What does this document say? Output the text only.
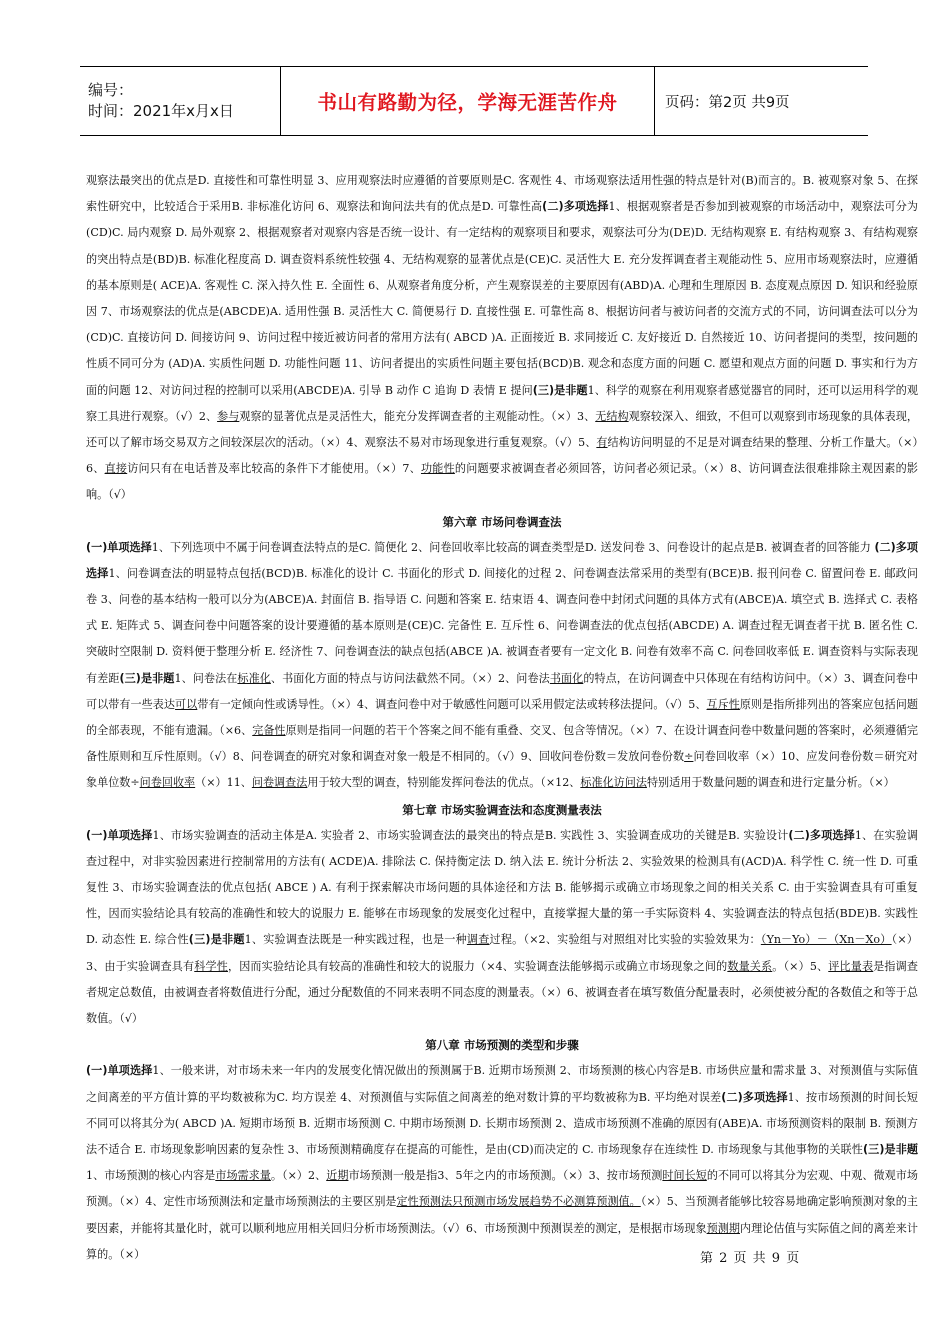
编号：
时间：2021年x月x日	书山有路勤为径，学海无涯苦作舟	页码：第2页 共9页

观察法最突出的优点是D. 直接性和可靠性明显 3、应用观察法时应遵循的首要原则是C. 客观性 4、市场观察法适用性强的特点是针对(B)而言的。B. 被观察对象 5、在探索性研究中，比较适合于采用B. 非标准化访问 6、观察法和询问法共有的优点是D. 可靠性高(二)多项选择1、根据观察者是否参加到被观察的市场活动中，观察法可分为(CD)C. 局内观察 D. 局外观察 2、根据观察者对观察内容是否统一设计、有一定结构的观察项目和要求，观察法可分为(DE)D. 无结构观察 E. 有结构观察 3、有结构观察的突出特点是(BD)B. 标准化程度高 D. 调查资料系统性较强 4、无结构观察的显著优点是(CE)C. 灵活性大 E. 充分发挥调查者主观能动性 5、应用市场观察法时，应遵循的基本原则是( ACE)A. 客观性 C. 深入持久性 E. 全面性 6、从观察者角度分析，产生观察误差的主要原因有(ABD)A. 心理和生理原因 B. 态度观点原因 D. 知识和经验原因 7、市场观察法的优点是(ABCDE)A. 适用性强 B. 灵活性大 C. 简便易行 D. 直接性强 E. 可靠性高 8、根据访问者与被访问者的交流方式的不同，访问调查法可以分为(CD)C. 直接访问 D. 间接访问 9、访问过程中接近被访问者的常用方法有( ABCD )A. 正面接近 B. 求同接近 C. 友好接近 D. 自然接近 10、访问者提问的类型，按问题的性质不同可分为 (AD)A. 实质性问题 D. 功能性问题 11、访问者提出的实质性问题主要包括(BCD)B. 观念和态度方面的问题 C. 愿望和观点方面的问题 D. 事实和行为方面的问题 12、对访问过程的控制可以采用(ABCDE)A. 引导 B 动作 C 追询 D 表情 E 提问(三)是非题1、科学的观察在利用观察者感觉器官的同时，还可以运用科学的观察工具进行观察。（√）2、参与观察的显著优点是灵活性大，能充分发挥调查者的主观能动性。（×）3、无结构观察较深入、细致，不但可以观察到市场现象的具体表现，还可以了解市场交易双方之间较深层次的活动。（×）4、观察法不易对市场现象进行重复观察。（√）5、有结构访问明显的不足是对调查结果的整理、分析工作量大。（×）6、直接访问只有在电话普及率比较高的条件下才能使用。（×）7、功能性的问题要求被调查者必须回答，访问者必须记录。（×）8、访问调查法很难排除主观因素的影响。（√）

第六章 市场问卷调查法

(一)单项选择1、下列选项中不属于问卷调查法特点的是C. 简便化 2、问卷回收率比较高的调查类型是D. 送发问卷 3、问卷设计的起点是B. 被调查者的回答能力 (二)多项选择1、问卷调查法的明显特点包括(BCD)B. 标准化的设计 C. 书面化的形式 D. 间接化的过程 2、问卷调查法常采用的类型有(BCE)B. 报刊问卷 C. 留置问卷 E. 邮政问卷 3、问卷的基本结构一般可以分为(ABCE)A. 封面信 B. 指导语 C. 问题和答案 E. 结束语 4、调查问卷中封闭式问题的具体方式有(ABCE)A. 填空式 B. 选择式 C. 表格式 E. 矩阵式 5、调查问卷中问题答案的设计要遵循的基本原则是(CE)C. 完备性 E. 互斥性 6、问卷调查法的优点包括(ABCDE) A. 调查过程无调查者干扰 B. 匿名性 C. 突破时空限制 D. 资料便于整理分析 E. 经济性 7、问卷调查法的缺点包括(ABCE )A. 被调查者要有一定文化 B. 问卷有效率不高 C. 问卷回收率低 E. 调查资料与实际表现有差距(三)是非题1、问卷法在标准化、书面化方面的特点与访问法截然不同。（×）2、问卷法书面化的特点，在访问调查中只体现在有结构访问中。（×）3、调查问卷中可以带有一些表达可以带有一定倾向性或诱导性。（×）4、调查问卷中对于敏感性问题可以采用假定法或转移法提问。（√）5、互斥性原则是指所排列出的答案应包括问题的全部表现，不能有遗漏。（×6、完备性原则是指同一问题的若干个答案之间不能有重叠、交叉、包含等情况。（×）7、在设计调查问卷中数量问题的答案时，必须遵循完备性原则和互斥性原则。（√）8、问卷调查的研究对象和调查对象一般是不相同的。（√）9、回收问卷份数＝发放问卷份数÷问卷回收率（×）10、应发问卷份数＝研究对象单位数÷问卷回收率（×）11、问卷调查法用于较大型的调查，特别能发挥问卷法的优点。（×12、标准化访问法特别适用于数量问题的调查和进行定量分析。（×）

第七章 市场实验调查法和态度测量表法

(一)单项选择1、市场实验调查的活动主体是A. 实验者 2、市场实验调查法的最突出的特点是B. 实践性 3、实验调查成功的关键是B. 实验设计(二)多项选择1、在实验调查过程中，对非实验因素进行控制常用的方法有( ACDE)A. 排除法 C. 保持衡定法 D. 纳入法 E. 统计分析法 2、实验效果的检测具有(ACD)A. 科学性 C. 统一性 D. 可重复性 3、市场实验调查法的优点包括( ABCE ) A. 有利于探索解决市场问题的具体途径和方法 B. 能够揭示或确立市场现象之间的相关关系 C. 由于实验调查具有可重复性，因而实验结论具有较高的准确性和较大的说服力 E. 能够在市场现象的发展变化过程中，直接掌握大量的第一手实际资料 4、实验调查法的特点包括(BDE)B. 实践性 D. 动态性 E. 综合性(三)是非题1、实验调查法既是一种实践过程，也是一种调查过程。（×2、实验组与对照组对比实验的实验效果为：（Yn－Yo）－（Xn－Xo）（×）3、由于实验调查具有科学性，因而实验结论具有较高的准确性和较大的说服力（×4、实验调查法能够揭示或确立市场现象之间的数量关系。（×）5、评比量表是指调查者规定总数值，由被调查者将数值进行分配，通过分配数值的不同来表明不同态度的测量表。（×）6、被调查者在填写数值分配量表时，必须使被分配的各数值之和等于总数值。（√）

第八章 市场预测的类型和步骤

(一)单项选择1、一般来讲，对市场未来一年内的发展变化情况做出的预测属于B. 近期市场预测 2、市场预测的核心内容是B. 市场供应量和需求量 3、对预测值与实际值之间离差的平方值计算的平均数被称为C. 均方误差 4、对预测值与实际值之间离差的绝对数计算的平均数被称为B. 平均绝对误差(二)多项选择1、按市场预测的时间长短不同可以将其分为( ABCD )A. 短期市场预 B. 近期市场预测 C. 中期市场预测 D. 长期市场预测 2、造成市场预测不准确的原因有(ABE)A. 市场预测资料的限制 B. 预测方法不适合 E. 市场现象影响因素的复杂性 3、市场预测精确度存在提高的可能性，是由(CD)而决定的 C. 市场现象存在连续性 D. 市场现象与其他事物的关联性(三)是非题1、市场预测的核心内容是市场需求量。（×）2、近期市场预测一般是指3、5年之内的市场预测。（×）3、按市场预测时间长短的不同可以将其分为宏观、中观、微观市场预测。（×）4、定性市场预测法和定量市场预测法的主要区别是定性预测法只预测市场发展趋势不必测算预测值。（×）5、当预测者能够比较容易地确定影响预测对象的主要因素，并能将其量化时，就可以顺利地应用相关回归分析市场预测法。（√）6、市场预测中预测误差的测定，是根据市场现象预测期内理论估值与实际值之间的离差来计算的。（×）	第 2 页 共 9 页
